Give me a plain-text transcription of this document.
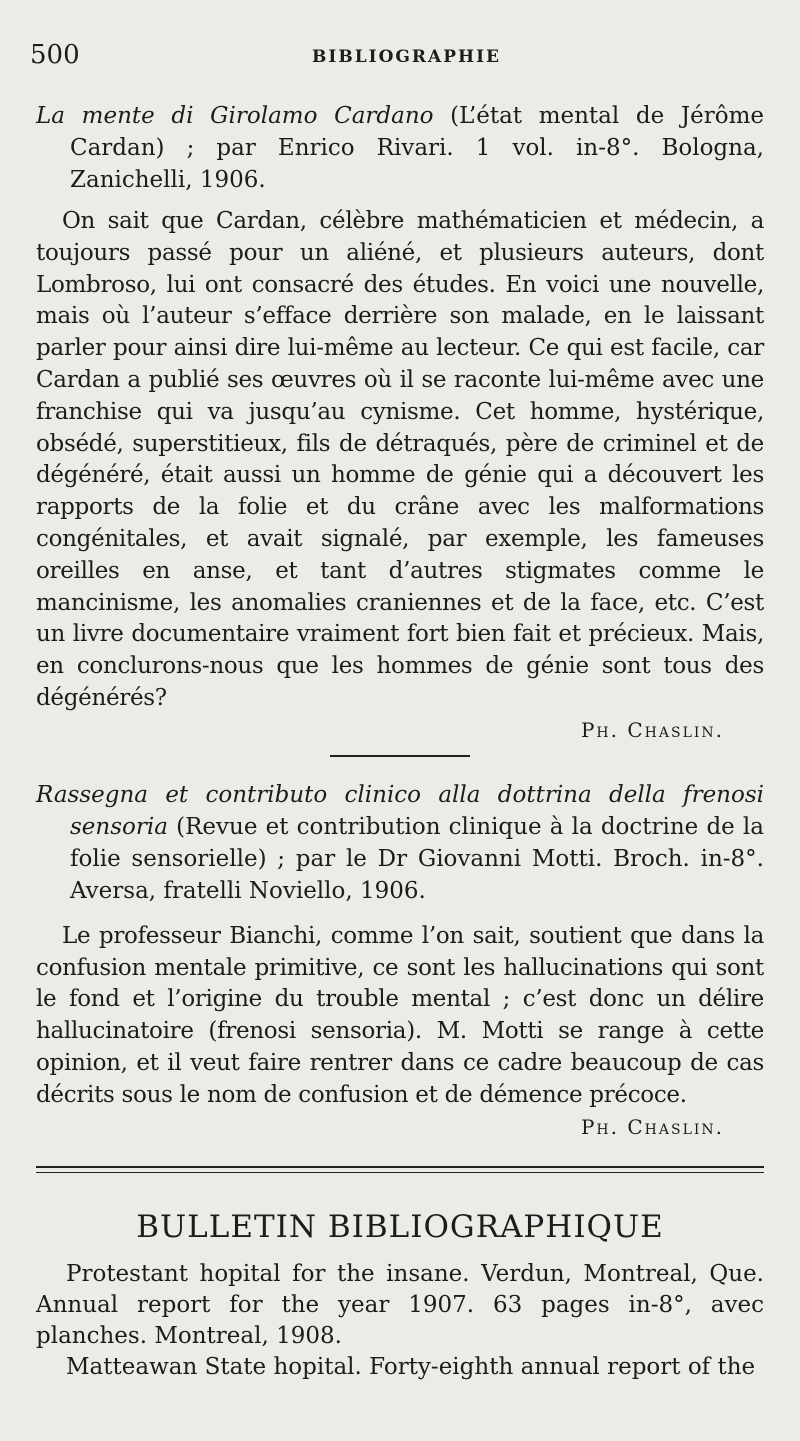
500	BIBLIOGRAPHIE

La mente di Girolamo Cardano (L’état mental de Jérôme Cardan) ; par Enrico Rivari. 1 vol. in-8°. Bologna, Zanichelli, 1906.

On sait que Cardan, célèbre mathématicien et médecin, a toujours passé pour un aliéné, et plusieurs auteurs, dont Lombroso, lui ont consacré des études. En voici une nouvelle, mais où l’auteur s’efface derrière son malade, en le laissant parler pour ainsi dire lui-même au lecteur. Ce qui est facile, car Cardan a publié ses œuvres où il se raconte lui-même avec une franchise qui va jusqu’au cynisme. Cet homme, hystérique, obsédé, superstitieux, fils de détraqués, père de criminel et de dégénéré, était aussi un homme de génie qui a découvert les rapports de la folie et du crâne avec les malformations congénitales, et avait signalé, par exemple, les fameuses oreilles en anse, et tant d’autres stigmates comme le mancinisme, les anomalies craniennes et de la face, etc. C’est un livre documentaire vraiment fort bien fait et précieux. Mais, en conclurons-nous que les hommes de génie sont tous des dégénérés?

Ph. Chaslin.

Rassegna et contributo clinico alla dottrina della frenosi sensoria (Revue et contribution clinique à la doctrine de la folie sensorielle) ; par le Dr Giovanni Motti. Broch. in-8°. Aversa, fratelli Noviello, 1906.

Le professeur Bianchi, comme l’on sait, soutient que dans la confusion mentale primitive, ce sont les hallucinations qui sont le fond et l’origine du trouble mental ; c’est donc un délire hallucinatoire (frenosi sensoria). M. Motti se range à cette opinion, et il veut faire rentrer dans ce cadre beaucoup de cas décrits sous le nom de confusion et de démence précoce.

Ph. Chaslin.

BULLETIN BIBLIOGRAPHIQUE

Protestant hopital for the insane. Verdun, Montreal, Que. Annual report for the year 1907. 63 pages in-8°, avec planches. Montreal, 1908.

Matteawan State hopital. Forty-eighth annual report of the
